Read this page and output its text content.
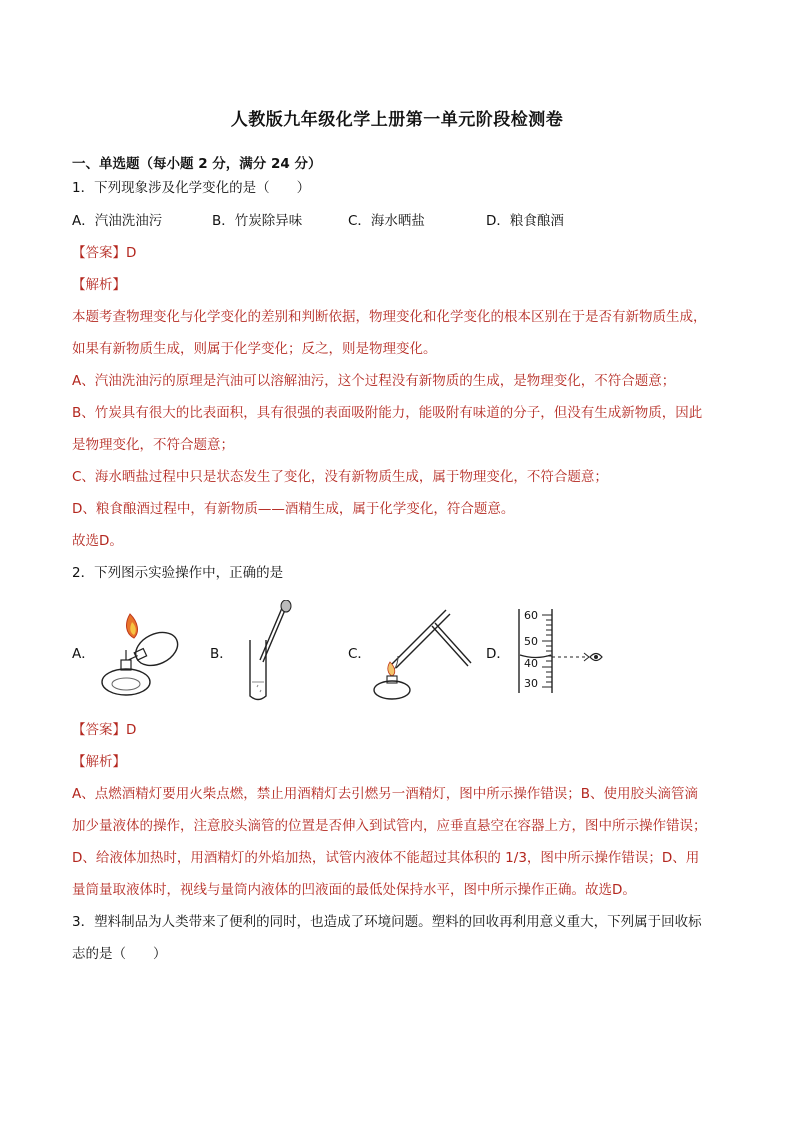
人教版九年级化学上册第一单元阶段检测卷
一、单选题（每小题 2 分，满分 24 分）
1．下列现象涉及化学变化的是（　　）
A．汽油洗油污	B．竹炭除异味	C．海水晒盐	D．粮食酿酒
【答案】D
【解析】
本题考查物理变化与化学变化的差别和判断依据，物理变化和化学变化的根本区别在于是否有新物质生成，
如果有新物质生成，则属于化学变化；反之，则是物理变化。
A、汽油洗油污的原理是汽油可以溶解油污，这个过程没有新物质的生成，是物理变化，不符合题意；
B、竹炭具有很大的比表面积，具有很强的表面吸附能力，能吸附有味道的分子，但没有生成新物质，因此
是物理变化，不符合题意；
C、海水晒盐过程中只是状态发生了变化，没有新物质生成，属于物理变化，不符合题意；
D、粮食酿酒过程中，有新物质——酒精生成，属于化学变化，符合题意。
故选D。
2．下列图示实验操作中，正确的是
A．	B．	C．	D．
60
50
40
30
【答案】D
【解析】
A、点燃酒精灯要用火柴点燃，禁止用酒精灯去引燃另一酒精灯，图中所示操作错误；B、使用胶头滴管滴
加少量液体的操作，注意胶头滴管的位置是否伸入到试管内，应垂直悬空在容器上方，图中所示操作错误；
D、给液体加热时，用酒精灯的外焰加热，试管内液体不能超过其体积的 1/3，图中所示操作错误；D、用
量筒量取液体时，视线与量筒内液体的凹液面的最低处保持水平，图中所示操作正确。故选D。
3．塑料制品为人类带来了便利的同时，也造成了环境问题。塑料的回收再利用意义重大，下列属于回收标
志的是（　　）
